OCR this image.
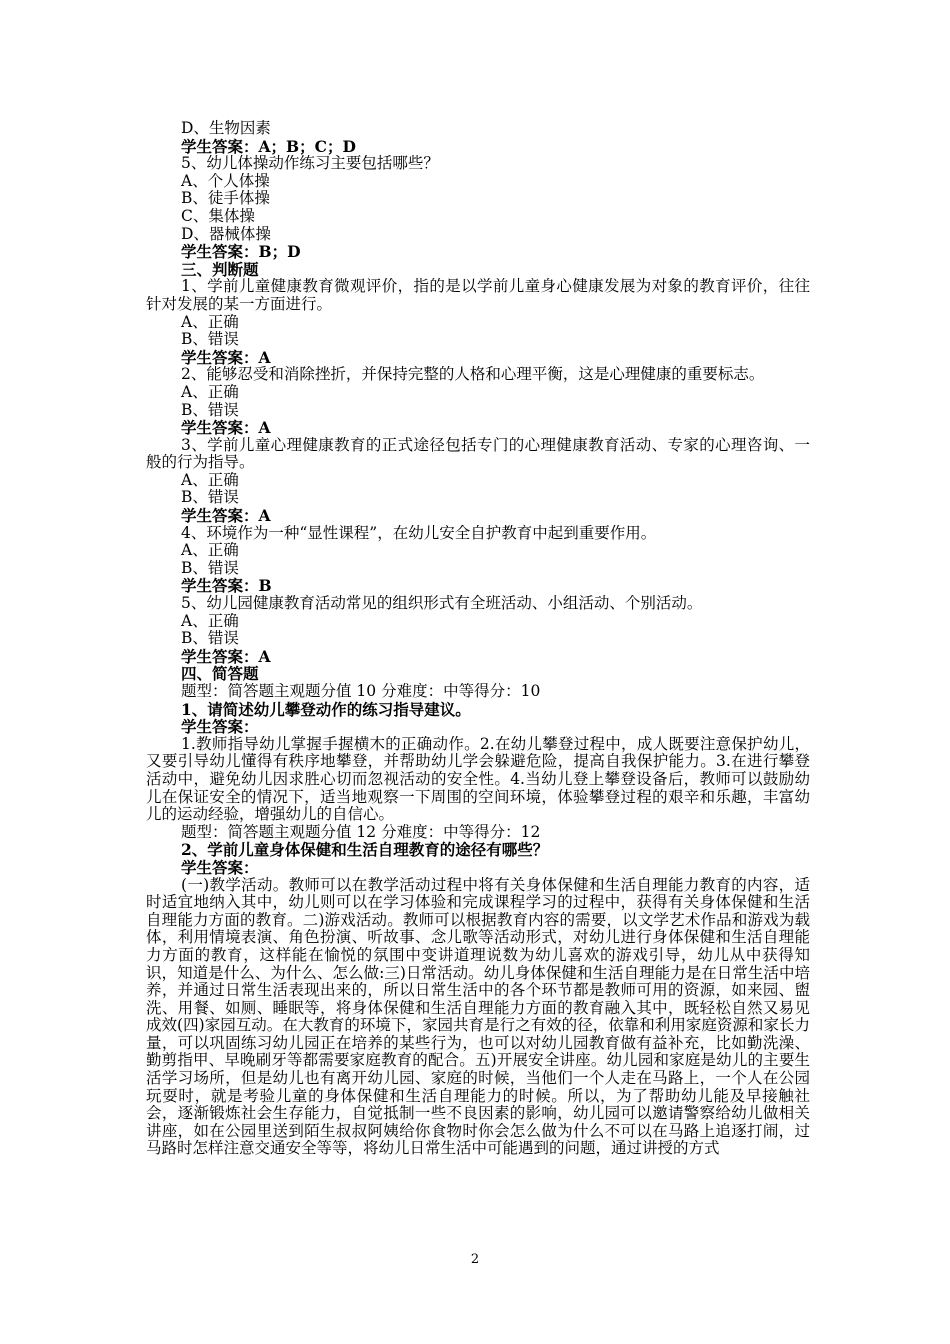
D、生物因素
学生答案：A；B；C；D
5、幼儿体操动作练习主要包括哪些？
A、个人体操
B、徒手体操
C、集体操
D、器械体操
学生答案：B；D
三、判断题
1、学前儿童健康教育微观评价，指的是以学前儿童身心健康发展为对象的教育评价，往往针对发展的某一方面进行。
A、正确
B、错误
学生答案：A
2、能够忍受和消除挫折，并保持完整的人格和心理平衡，这是心理健康的重要标志。
A、正确
B、错误
学生答案：A
3、学前儿童心理健康教育的正式途径包括专门的心理健康教育活动、专家的心理咨询、一般的行为指导。
A、正确
B、错误
学生答案：A
4、环境作为一种“显性课程”，在幼儿安全自护教育中起到重要作用。
A、正确
B、错误
学生答案：B
5、幼儿园健康教育活动常见的组织形式有全班活动、小组活动、个别活动。
A、正确
B、错误
学生答案：A
四、简答题
题型：简答题主观题分值 10 分难度：中等得分：10
1、请简述幼儿攀登动作的练习指导建议。
学生答案：
1.教师指导幼儿掌握手握横木的正确动作。2.在幼儿攀登过程中，成人既要注意保护幼儿，又要引导幼儿懂得有秩序地攀登，并帮助幼儿学会躲避危险，提高自我保护能力。3.在进行攀登活动中，避免幼儿因求胜心切而忽视活动的安全性。4.当幼儿登上攀登设备后，教师可以鼓励幼儿在保证安全的情况下，适当地观察一下周围的空间环境，体验攀登过程的艰辛和乐趣，丰富幼儿的运动经验，增强幼儿的自信心。
题型：简答题主观题分值 12 分难度：中等得分：12
2、学前儿童身体保健和生活自理教育的途径有哪些？
学生答案：
(一)教学活动。教师可以在教学活动过程中将有关身体保健和生活自理能力教育的内容，适时适宜地纳入其中，幼儿则可以在学习体验和完成课程学习的过程中，获得有关身体保健和生活自理能力方面的教育。二)游戏活动。教师可以根据教育内容的需要，以文学艺术作品和游戏为载体，利用情境表演、角色扮演、听故事、念儿歌等活动形式，对幼儿进行身体保健和生活自理能力方面的教育，这样能在愉悦的氛围中变讲道理说数为幼儿喜欢的游戏引导，幼儿从中获得知识，知道是什么、为什么、怎么做:三)日常活动。幼儿身体保健和生活自理能力是在日常生活中培养，并通过日常生活表现出来的，所以日常生活中的各个环节都是教师可用的资源，如来园、盥洗、用餐、如厕、睡眠等，将身体保健和生活自理能力方面的教育融入其中，既轻松自然又易见成效(四)家园互动。在大教育的环境下，家园共育是行之有效的径，依靠和利用家庭资源和家长力量，可以巩固练习幼儿园正在培养的某些行为，也可以对幼儿园教育做有益补充，比如勤洗澡、勤剪指甲、早晚刷牙等都需要家庭教育的配合。五)开展安全讲座。幼儿园和家庭是幼儿的主要生活学习场所，但是幼儿也有离开幼儿园、家庭的时候，当他们一个人走在马路上，一个人在公园玩耍时，就是考验儿童的身体保健和生活自理能力的时候。所以，为了帮助幼儿能及早接触社会，逐渐锻炼社会生存能力，自觉抵制一些不良因素的影响，幼儿园可以邀请警察给幼儿做相关讲座，如在公园里送到陌生叔叔阿姨给你食物时你会怎么做为什么不可以在马路上追逐打闹，过马路时怎样注意交通安全等等，将幼儿日常生活中可能遇到的问题，通过讲授的方式
2
